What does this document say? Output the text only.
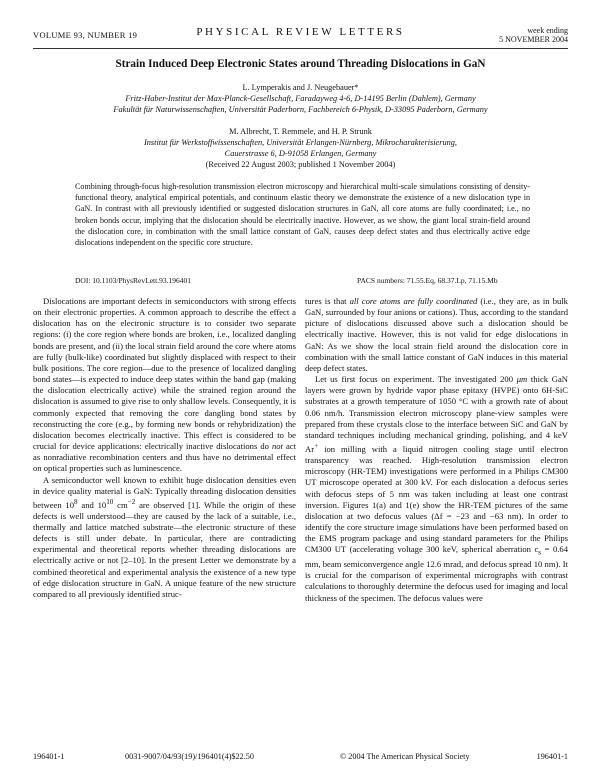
VOLUME 93, NUMBER 19	PHYSICAL REVIEW LETTERS	week ending
5 NOVEMBER 2004
Strain Induced Deep Electronic States around Threading Dislocations in GaN
L. Lymperakis and J. Neugebauer*
Fritz-Haber-Institut der Max-Planck-Gesellschaft, Faradayweg 4-6, D-14195 Berlin (Dahlem), Germany
Fakultät für Naturwissenschaften, Universität Paderborn, Fachbereich 6-Physik, D-33095 Paderborn, Germany
M. Albrecht, T. Remmele, and H. P. Strunk
Institut für Werkstoffwissenschaften, Universität Erlangen-Nürnberg, Mikrocharakterisierung,
Cauerstrasse 6, D-91058 Erlangen, Germany
(Received 22 August 2003; published 1 November 2004)
Combining through-focus high-resolution transmission electron microscopy and hierarchical multi-scale simulations consisting of density-functional theory, analytical empirical potentials, and continuum elastic theory we demonstrate the existence of a new dislocation type in GaN. In contrast with all previously identified or suggested dislocation structures in GaN, all core atoms are fully coordinated; i.e., no broken bonds occur, implying that the dislocation should be electrically inactive. However, as we show, the giant local strain-field around the dislocation core, in combination with the small lattice constant of GaN, causes deep defect states and thus electrically active edge dislocations independent on the specific core structure.
DOI: 10.1103/PhysRevLett.93.196401	PACS numbers: 71.55.Eq, 68.37.Lp, 71.15.Mb

Dislocations are important defects in semiconductors with strong effects on their electronic properties. A common approach to describe the effect a dislocation has on the electronic structure is to consider two separate regions: (i) the core region where bonds are broken, i.e., localized dangling bonds are present, and (ii) the local strain field around the core where atoms are fully (bulk-like) coordinated but slightly displaced with respect to their bulk positions. The core region—due to the presence of localized dangling bond states—is expected to induce deep states within the band gap (making the dislocation electrically active) while the strained region around the dislocation is assumed to give rise to only shallow levels. Consequently, it is commonly expected that removing the core dangling bond states by reconstructing the core (e.g., by forming new bonds or rehybridization) the dislocation becomes electrically inactive. This effect is considered to be crucial for device applications: electrically inactive dislocations do not act as nonradiative recombination centers and thus have no detrimental effect on optical properties such as luminescence.

A semiconductor well known to exhibit huge dislocation densities even in device quality material is GaN: Typically threading dislocation densities between $10^8$ and $10^{10}$ $cm^{-2}$ are observed [1]. While the origin of these defects is well understood—they are caused by the lack of a suitable, i.e., thermally and lattice matched substrate—the electronic structure of these defects is still under debate. In particular, there are contradicting experimental and theoretical reports whether threading dislocations are electrically active or not [2–10]. In the present Letter we demonstrate by a combined theoretical and experimental analysis the existence of a new type of edge dislocation structure in GaN. A unique feature of the new structure compared to all previously identified struc-

tures is that all core atoms are fully coordinated (i.e., they are, as in bulk GaN, surrounded by four anions or cations). Thus, according to the standard picture of dislocations discussed above such a dislocation should be electrically inactive. However, this is not valid for edge dislocations in GaN: As we show the local strain field around the dislocation core in combination with the small lattice constant of GaN induces in this material deep defect states.

Let us first focus on experiment. The investigated 200 μm thick GaN layers were grown by hydride vapor phase epitaxy (HVPE) onto 6H-SiC substrates at a growth temperature of 1050 °C with a growth rate of about 0.06 nm/h. Transmission electron microscopy plane-view samples were prepared from these crystals close to the interface between SiC and GaN by standard techniques including mechanical grinding, polishing, and 4 keV Ar+ ion milling with a liquid nitrogen cooling stage until electron transparency was reached. High-resolution transmission electron microscopy (HR-TEM) investigations were performed in a Philips CM300 UT microscope operated at 300 kV. For each dislocation a defocus series with defocus steps of 5 nm was taken including at least one contrast inversion. Figures 1(a) and 1(e) show the HR-TEM pictures of the same dislocation at two defocus values (Δf = −23 and −63 nm). In order to identify the core structure image simulations have been performed based on the EMS program package and using standard parameters for the Philips CM300 UT (accelerating voltage 300 keV, spherical aberration $c_s = 0.64$ mm, beam semiconvergence angle 12.6 mrad, and defocus spread 10 nm). It is crucial for the comparison of experimental micrographs with contrast calculations to thoroughly determine the defocus used for imaging and local thickness of the specimen. The defocus values were

196401-1	0031-9007/04/93(19)/196401(4)$22.50	© 2004 The American Physical Society	196401-1
